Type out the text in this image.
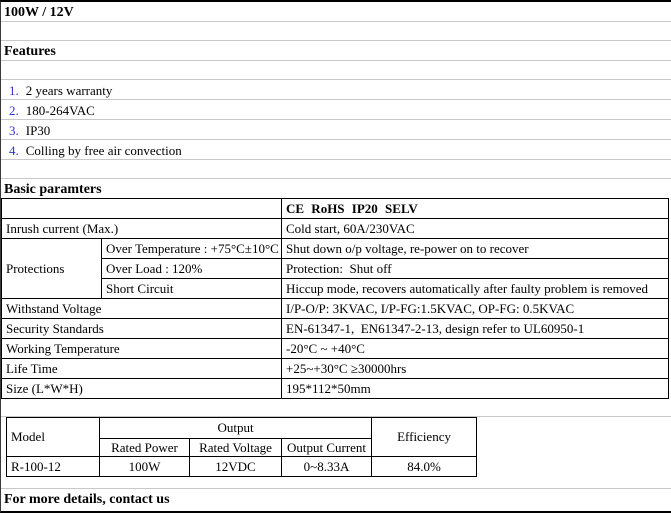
100W / 12V
Features
1. 2 years warranty
2. 180-264VAC
3. IP30
4. Colling by free air convection
Basic paramters
		CE RoHS IP20 SELV
Inrush current (Max.)		Cold start, 60A/230VAC
Protections	Over Temperature : +75°C±10°C	Shut down o/p voltage, re-power on to recover
	Over Load : 120%	Protection:  Shut off
	Short Circuit	Hiccup mode, recovers automatically after faulty problem is removed
Withstand Voltage		I/P-O/P: 3KVAC, I/P-FG:1.5KVAC, OP-FG: 0.5KVAC
Security Standards		EN-61347-1,  EN61347-2-13, design refer to UL60950-1
Working Temperature		-20°C ~ +40°C
Life Time		+25~+30°C ≥30000hrs
Size (L*W*H)		195*112*50mm
Model	Output			Efficiency
	Rated Power	Rated Voltage	Output Current	
R-100-12	100W	12VDC	0~8.33A	84.0%
For more details, contact us
